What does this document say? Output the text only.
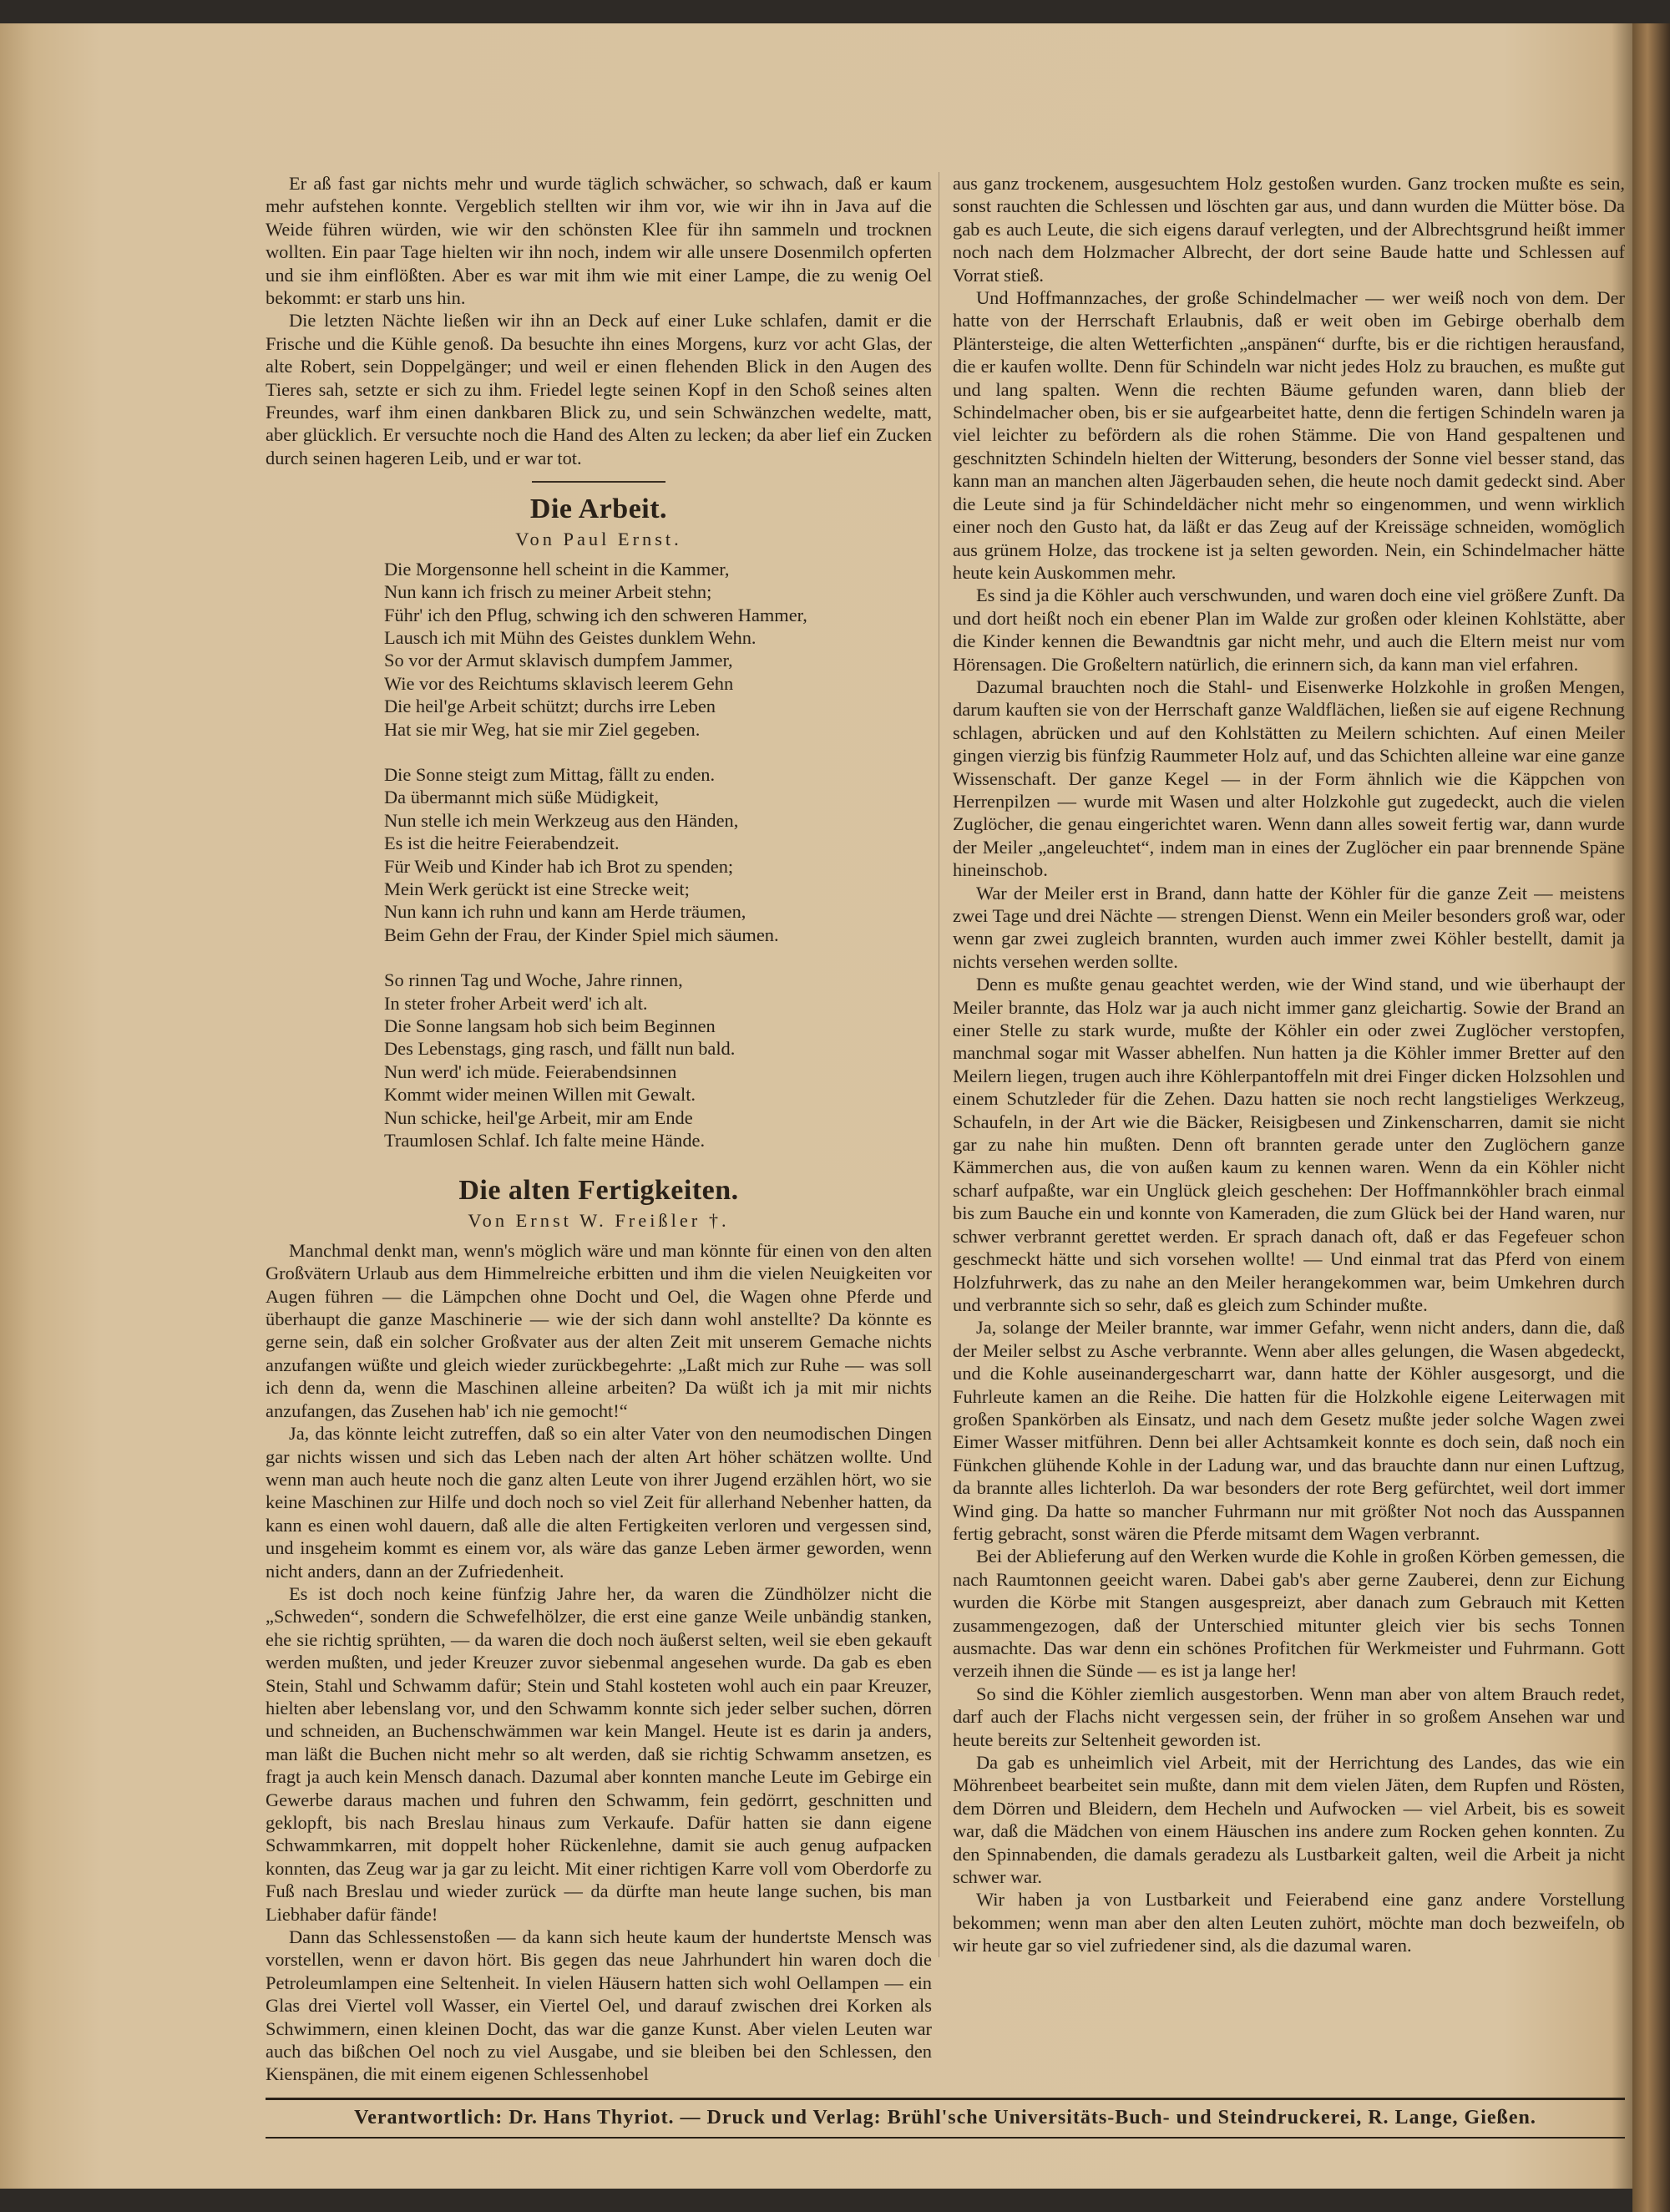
Er aß fast gar nichts mehr und wurde täglich schwächer, so schwach, daß er kaum mehr aufstehen konnte. Vergeblich stellten wir ihm vor, wie wir ihn in Java auf die Weide führen würden, wie wir den schönsten Klee für ihn sammeln und trocknen wollten. Ein paar Tage hielten wir ihn noch, indem wir alle unsere Dosenmilch opferten und sie ihm einflößten. Aber es war mit ihm wie mit einer Lampe, die zu wenig Oel bekommt: er starb uns hin.

Die letzten Nächte ließen wir ihn an Deck auf einer Luke schlafen, damit er die Frische und die Kühle genoß. Da besuchte ihn eines Morgens, kurz vor acht Glas, der alte Robert, sein Doppelgänger; und weil er einen flehenden Blick in den Augen des Tieres sah, setzte er sich zu ihm. Friedel legte seinen Kopf in den Schoß seines alten Freundes, warf ihm einen dankbaren Blick zu, und sein Schwänzchen wedelte, matt, aber glücklich. Er versuchte noch die Hand des Alten zu lecken; da aber lief ein Zucken durch seinen hageren Leib, und er war tot.

Die Arbeit.
Von Paul Ernst.
Die Morgensonne hell scheint in die Kammer,
Nun kann ich frisch zu meiner Arbeit stehn;
Führ' ich den Pflug, schwing ich den schweren Hammer,
Lausch ich mit Mühn des Geistes dunklem Wehn.
So vor der Armut sklavisch dumpfem Jammer,
Wie vor des Reichtums sklavisch leerem Gehn
Die heil'ge Arbeit schützt; durchs irre Leben
Hat sie mir Weg, hat sie mir Ziel gegeben.
Die Sonne steigt zum Mittag, fällt zu enden.
Da übermannt mich süße Müdigkeit,
Nun stelle ich mein Werkzeug aus den Händen,
Es ist die heitre Feierabendzeit.
Für Weib und Kinder hab ich Brot zu spenden;
Mein Werk gerückt ist eine Strecke weit;
Nun kann ich ruhn und kann am Herde träumen,
Beim Gehn der Frau, der Kinder Spiel mich säumen.
So rinnen Tag und Woche, Jahre rinnen,
In steter froher Arbeit werd' ich alt.
Die Sonne langsam hob sich beim Beginnen
Des Lebenstags, ging rasch, und fällt nun bald.
Nun werd' ich müde. Feierabendsinnen
Kommt wider meinen Willen mit Gewalt.
Nun schicke, heil'ge Arbeit, mir am Ende
Traumlosen Schlaf. Ich falte meine Hände.
Die alten Fertigkeiten.
Von Ernst W. Freißler †.

Manchmal denkt man, wenn's möglich wäre und man könnte für einen von den alten Großvätern Urlaub aus dem Himmelreiche erbitten und ihm die vielen Neuigkeiten vor Augen führen — die Lämpchen ohne Docht und Oel, die Wagen ohne Pferde und überhaupt die ganze Maschinerie — wie der sich dann wohl anstellte? Da könnte es gerne sein, daß ein solcher Großvater aus der alten Zeit mit unserem Gemache nichts anzufangen wüßte und gleich wieder zurückbegehrte: „Laßt mich zur Ruhe — was soll ich denn da, wenn die Maschinen alleine arbeiten? Da wüßt ich ja mit mir nichts anzufangen, das Zusehen hab' ich nie gemocht!“

Ja, das könnte leicht zutreffen, daß so ein alter Vater von den neumodischen Dingen gar nichts wissen und sich das Leben nach der alten Art höher schätzen wollte. Und wenn man auch heute noch die ganz alten Leute von ihrer Jugend erzählen hört, wo sie keine Maschinen zur Hilfe und doch noch so viel Zeit für allerhand Nebenher hatten, da kann es einen wohl dauern, daß alle die alten Fertigkeiten verloren und vergessen sind, und insgeheim kommt es einem vor, als wäre das ganze Leben ärmer geworden, wenn nicht anders, dann an der Zufriedenheit.

Es ist doch noch keine fünfzig Jahre her, da waren die Zündhölzer nicht die „Schweden“, sondern die Schwefelhölzer, die erst eine ganze Weile unbändig stanken, ehe sie richtig sprühten, — da waren die doch noch äußerst selten, weil sie eben gekauft werden mußten, und jeder Kreuzer zuvor siebenmal angesehen wurde. Da gab es eben Stein, Stahl und Schwamm dafür; Stein und Stahl kosteten wohl auch ein paar Kreuzer, hielten aber lebenslang vor, und den Schwamm konnte sich jeder selber suchen, dörren und schneiden, an Buchenschwämmen war kein Mangel. Heute ist es darin ja anders, man läßt die Buchen nicht mehr so alt werden, daß sie richtig Schwamm ansetzen, es fragt ja auch kein Mensch danach. Dazumal aber konnten manche Leute im Gebirge ein Gewerbe daraus machen und fuhren den Schwamm, fein gedörrt, geschnitten und geklopft, bis nach Breslau hinaus zum Verkaufe. Dafür hatten sie dann eigene Schwammkarren, mit doppelt hoher Rückenlehne, damit sie auch genug aufpacken konnten, das Zeug war ja gar zu leicht. Mit einer richtigen Karre voll vom Oberdorfe zu Fuß nach Breslau und wieder zurück — da dürfte man heute lange suchen, bis man Liebhaber dafür fände!

Dann das Schlessenstoßen — da kann sich heute kaum der hundertste Mensch was vorstellen, wenn er davon hört. Bis gegen das neue Jahrhundert hin waren doch die Petroleumlampen eine Seltenheit. In vielen Häusern hatten sich wohl Oellampen — ein Glas drei Viertel voll Wasser, ein Viertel Oel, und darauf zwischen drei Korken als Schwimmern, einen kleinen Docht, das war die ganze Kunst. Aber vielen Leuten war auch das bißchen Oel noch zu viel Ausgabe, und sie bleiben bei den Schlessen, den Kienspänen, die mit einem eigenen Schlessenhobel

aus ganz trockenem, ausgesuchtem Holz gestoßen wurden. Ganz trocken mußte es sein, sonst rauchten die Schlessen und löschten gar aus, und dann wurden die Mütter böse. Da gab es auch Leute, die sich eigens darauf verlegten, und der Albrechtsgrund heißt immer noch nach dem Holzmacher Albrecht, der dort seine Baude hatte und Schlessen auf Vorrat stieß.

Und Hoffmannzaches, der große Schindelmacher — wer weiß noch von dem. Der hatte von der Herrschaft Erlaubnis, daß er weit oben im Gebirge oberhalb dem Pläntersteige, die alten Wetterfichten „anspänen“ durfte, bis er die richtigen herausfand, die er kaufen wollte. Denn für Schindeln war nicht jedes Holz zu brauchen, es mußte gut und lang spalten. Wenn die rechten Bäume gefunden waren, dann blieb der Schindelmacher oben, bis er sie aufgearbeitet hatte, denn die fertigen Schindeln waren ja viel leichter zu befördern als die rohen Stämme. Die von Hand gespaltenen und geschnitzten Schindeln hielten der Witterung, besonders der Sonne viel besser stand, das kann man an manchen alten Jägerbauden sehen, die heute noch damit gedeckt sind. Aber die Leute sind ja für Schindeldächer nicht mehr so eingenommen, und wenn wirklich einer noch den Gusto hat, da läßt er das Zeug auf der Kreissäge schneiden, womöglich aus grünem Holze, das trockene ist ja selten geworden. Nein, ein Schindelmacher hätte heute kein Auskommen mehr.

Es sind ja die Köhler auch verschwunden, und waren doch eine viel größere Zunft. Da und dort heißt noch ein ebener Plan im Walde zur großen oder kleinen Kohlstätte, aber die Kinder kennen die Bewandtnis gar nicht mehr, und auch die Eltern meist nur vom Hörensagen. Die Großeltern natürlich, die erinnern sich, da kann man viel erfahren.

Dazumal brauchten noch die Stahl- und Eisenwerke Holzkohle in großen Mengen, darum kauften sie von der Herrschaft ganze Waldflächen, ließen sie auf eigene Rechnung schlagen, abrücken und auf den Kohlstätten zu Meilern schichten. Auf einen Meiler gingen vierzig bis fünfzig Raummeter Holz auf, und das Schichten alleine war eine ganze Wissenschaft. Der ganze Kegel — in der Form ähnlich wie die Käppchen von Herrenpilzen — wurde mit Wasen und alter Holzkohle gut zugedeckt, auch die vielen Zuglöcher, die genau eingerichtet waren. Wenn dann alles soweit fertig war, dann wurde der Meiler „angeleuchtet“, indem man in eines der Zuglöcher ein paar brennende Späne hineinschob.

War der Meiler erst in Brand, dann hatte der Köhler für die ganze Zeit — meistens zwei Tage und drei Nächte — strengen Dienst. Wenn ein Meiler besonders groß war, oder wenn gar zwei zugleich brannten, wurden auch immer zwei Köhler bestellt, damit ja nichts versehen werden sollte.

Denn es mußte genau geachtet werden, wie der Wind stand, und wie überhaupt der Meiler brannte, das Holz war ja auch nicht immer ganz gleichartig. Sowie der Brand an einer Stelle zu stark wurde, mußte der Köhler ein oder zwei Zuglöcher verstopfen, manchmal sogar mit Wasser abhelfen. Nun hatten ja die Köhler immer Bretter auf den Meilern liegen, trugen auch ihre Köhlerpantoffeln mit drei Finger dicken Holzsohlen und einem Schutzleder für die Zehen. Dazu hatten sie noch recht langstieliges Werkzeug, Schaufeln, in der Art wie die Bäcker, Reisigbesen und Zinkenscharren, damit sie nicht gar zu nahe hin mußten. Denn oft brannten gerade unter den Zuglöchern ganze Kämmerchen aus, die von außen kaum zu kennen waren. Wenn da ein Köhler nicht scharf aufpaßte, war ein Unglück gleich geschehen: Der Hoffmannköhler brach einmal bis zum Bauche ein und konnte von Kameraden, die zum Glück bei der Hand waren, nur schwer verbrannt gerettet werden. Er sprach danach oft, daß er das Fegefeuer schon geschmeckt hätte und sich vorsehen wollte! — Und einmal trat das Pferd von einem Holzfuhrwerk, das zu nahe an den Meiler herangekommen war, beim Umkehren durch und verbrannte sich so sehr, daß es gleich zum Schinder mußte.

Ja, solange der Meiler brannte, war immer Gefahr, wenn nicht anders, dann die, daß der Meiler selbst zu Asche verbrannte. Wenn aber alles gelungen, die Wasen abgedeckt, und die Kohle auseinandergescharrt war, dann hatte der Köhler ausgesorgt, und die Fuhrleute kamen an die Reihe. Die hatten für die Holzkohle eigene Leiterwagen mit großen Spankörben als Einsatz, und nach dem Gesetz mußte jeder solche Wagen zwei Eimer Wasser mitführen. Denn bei aller Achtsamkeit konnte es doch sein, daß noch ein Fünkchen glühende Kohle in der Ladung war, und das brauchte dann nur einen Luftzug, da brannte alles lichterloh. Da war besonders der rote Berg gefürchtet, weil dort immer Wind ging. Da hatte so mancher Fuhrmann nur mit größter Not noch das Ausspannen fertig gebracht, sonst wären die Pferde mitsamt dem Wagen verbrannt.

Bei der Ablieferung auf den Werken wurde die Kohle in großen Körben gemessen, die nach Raumtonnen geeicht waren. Dabei gab's aber gerne Zauberei, denn zur Eichung wurden die Körbe mit Stangen ausgespreizt, aber danach zum Gebrauch mit Ketten zusammengezogen, daß der Unterschied mitunter gleich vier bis sechs Tonnen ausmachte. Das war denn ein schönes Profitchen für Werkmeister und Fuhrmann. Gott verzeih ihnen die Sünde — es ist ja lange her!

So sind die Köhler ziemlich ausgestorben. Wenn man aber von altem Brauch redet, darf auch der Flachs nicht vergessen sein, der früher in so großem Ansehen war und heute bereits zur Seltenheit geworden ist.

Da gab es unheimlich viel Arbeit, mit der Herrichtung des Landes, das wie ein Möhrenbeet bearbeitet sein mußte, dann mit dem vielen Jäten, dem Rupfen und Rösten, dem Dörren und Bleidern, dem Hecheln und Aufwocken — viel Arbeit, bis es soweit war, daß die Mädchen von einem Häuschen ins andere zum Rocken gehen konnten. Zu den Spinnabenden, die damals geradezu als Lustbarkeit galten, weil die Arbeit ja nicht schwer war.

Wir haben ja von Lustbarkeit und Feierabend eine ganz andere Vorstellung bekommen; wenn man aber den alten Leuten zuhört, möchte man doch bezweifeln, ob wir heute gar so viel zufriedener sind, als die dazumal waren.

Verantwortlich: Dr. Hans Thyriot. — Druck und Verlag: Brühl'sche Universitäts-Buch- und Steindruckerei, R. Lange, Gießen.
